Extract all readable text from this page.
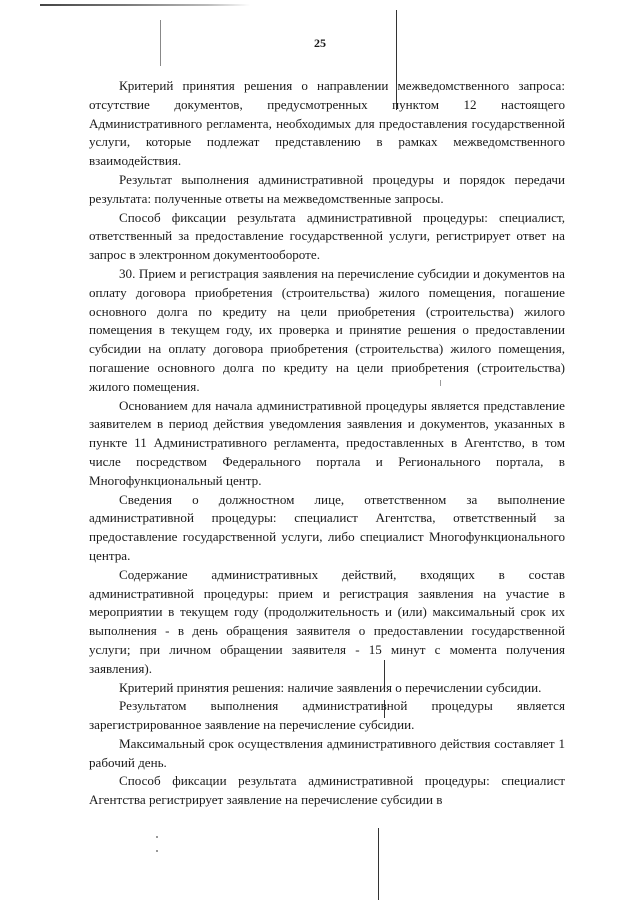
25

Критерий принятия решения о направлении межведомственного запроса: отсутствие документов, предусмотренных пунктом 12 настоящего Административного регламента, необходимых для предоставления государственной услуги, которые подлежат представлению в рамках межведомственного взаимодействия.

Результат выполнения административной процедуры и порядок передачи результата: полученные ответы на межведомственные запросы.

Способ фиксации результата административной процедуры: специалист, ответственный за предоставление государственной услуги, регистрирует ответ на запрос в электронном документообороте.

30. Прием и регистрация заявления на перечисление субсидии и документов на оплату договора приобретения (строительства) жилого помещения, погашение основного долга по кредиту на цели приобретения (строительства) жилого помещения в текущем году, их проверка и принятие решения о предоставлении субсидии на оплату договора приобретения (строительства) жилого помещения, погашение основного долга по кредиту на цели приобретения (строительства) жилого помещения.

Основанием для начала административной процедуры является представление заявителем в период действия уведомления заявления и документов, указанных в пункте 11 Административного регламента, предоставленных в Агентство, в том числе посредством Федерального портала и Регионального портала, в Многофункциональный центр.

Сведения о должностном лице, ответственном за выполнение административной процедуры: специалист Агентства, ответственный за предоставление государственной услуги, либо специалист Многофункционального центра.

Содержание административных действий, входящих в состав административной процедуры: прием и регистрация заявления на участие в мероприятии в текущем году (продолжительность и (или) максимальный срок их выполнения - в день обращения заявителя о предоставлении государственной услуги; при личном обращении заявителя - 15 минут с момента получения заявления).

Критерий принятия решения: наличие заявления о перечислении субсидии.

Результатом выполнения административной процедуры является зарегистрированное заявление на перечисление субсидии.

Максимальный срок осуществления административного действия составляет 1 рабочий день.

Способ фиксации результата административной процедуры: специалист Агентства регистрирует заявление на перечисление субсидии в
